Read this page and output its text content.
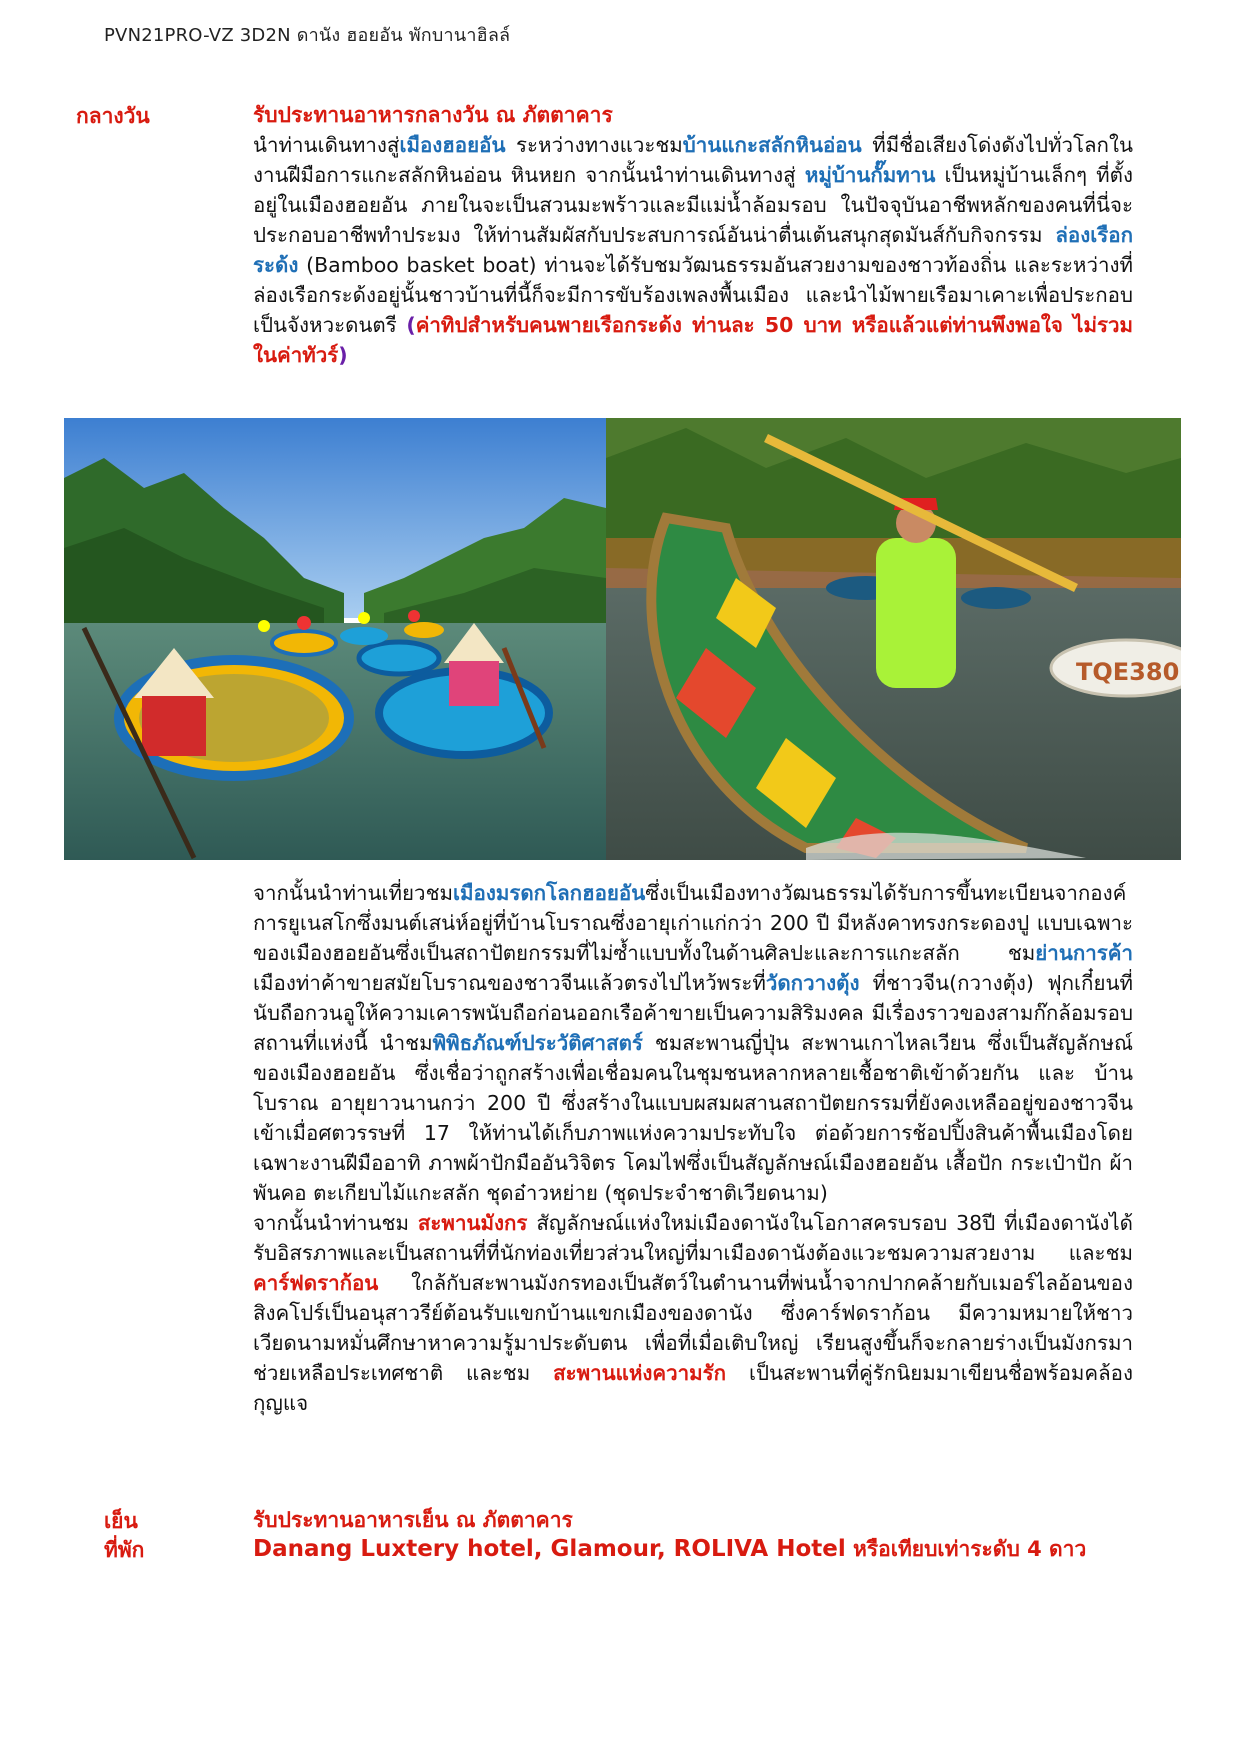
PVN21PRO-VZ 3D2N ดานัง ฮอยอัน พักบานาฮิลล์
กลางวัน	รับประทานอาหารกลางวัน ณ ภัตตาคาร
นำท่านเดินทางสู่เมืองฮอยอัน ระหว่างทางแวะชมบ้านแกะสลักหินอ่อน ที่มีชื่อเสียงโด่งดังไปทั่วโลกในงานฝีมือการแกะสลักหินอ่อน หินหยก จากนั้นนำท่านเดินทางสู่ หมู่บ้านกั๊มทาน เป็นหมู่บ้านเล็กๆ ที่ตั้งอยู่ในเมืองฮอยอัน ภายในจะเป็นสวนมะพร้าวและมีแม่น้ำล้อมรอบ ในปัจจุบันอาชีพหลักของคนที่นี่จะประกอบอาชีพทำประมง ให้ท่านสัมผัสกับประสบการณ์อันน่าตื่นเต้นสนุกสุดมันส์กับกิจกรรม ล่องเรือกระด้ง (Bamboo basket boat) ท่านจะได้รับชมวัฒนธรรมอันสวยงามของชาวท้องถิ่น และระหว่างที่ล่องเรือกระด้งอยู่นั้นชาวบ้านที่นี้ก็จะมีการขับร้องเพลงพื้นเมือง และนำไม้พายเรือมาเคาะเพื่อประกอบเป็นจังหวะดนตรี (ค่าทิปสำหรับคนพายเรือกระด้ง ท่านละ 50 บาท หรือแล้วแต่ท่านพึงพอใจ ไม่รวมในค่าทัวร์)
TQE380
จากนั้นนำท่านเที่ยวชมเมืองมรดกโลกฮอยอันซึ่งเป็นเมืองทางวัฒนธรรมได้รับการขึ้นทะเบียนจากองค์การยูเนสโกซึ่งมนต์เสน่ห์อยู่ที่บ้านโบราณซึ่งอายุเก่าแก่กว่า 200 ปี มีหลังคาทรงกระดองปู แบบเฉพาะของเมืองฮอยอันซึ่งเป็นสถาปัตยกรรมที่ไม่ซ้ำแบบทั้งในด้านศิลปะและการแกะสลัก ชมย่านการค้าเมืองท่าค้าขายสมัยโบราณของชาวจีนแล้วตรงไปไหว้พระที่วัดกวางตุ้ง ที่ชาวจีน(กวางตุ้ง) ฟุกเกี๋ยนที่นับถือกวนอูให้ความเคารพนับถือก่อนออกเรือค้าขายเป็นความสิริมงคล มีเรื่องราวของสามก๊กล้อมรอบสถานที่แห่งนี้ นำชมพิพิธภัณฑ์ประวัติศาสตร์ ชมสะพานญี่ปุ่น สะพานเกาไหลเวียน ซึ่งเป็นสัญลักษณ์ของเมืองฮอยอัน ซึ่งเชื่อว่าถูกสร้างเพื่อเชื่อมคนในชุมชนหลากหลายเชื้อชาติเข้าด้วยกัน และ บ้านโบราณ อายุยาวนานกว่า 200 ปี ซึ่งสร้างในแบบผสมผสานสถาปัตยกรรมที่ยังคงเหลืออยู่ของชาวจีนเข้าเมื่อศตวรรษที่ 17 ให้ท่านได้เก็บภาพแห่งความประทับใจ ต่อด้วยการช้อปปิ้งสินค้าพื้นเมืองโดยเฉพาะงานฝีมืออาทิ ภาพผ้าปักมืออันวิจิตร โคมไฟซึ่งเป็นสัญลักษณ์เมืองฮอยอัน เสื้อปัก กระเป๋าปัก ผ้าพันคอ ตะเกียบไม้แกะสลัก ชุดอ๋าวหย่าย (ชุดประจำชาติเวียดนาม)
จากนั้นนำท่านชม สะพานมังกร สัญลักษณ์แห่งใหม่เมืองดานังในโอกาสครบรอบ 38ปี ที่เมืองดานังได้รับอิสรภาพและเป็นสถานที่ที่นักท่องเที่ยวส่วนใหญ่ที่มาเมืองดานังต้องแวะชมความสวยงาม และชม คาร์ฟดราก้อน ใกล้กับสะพานมังกรทองเป็นสัตว์ในตำนานที่พ่นน้ำจากปากคล้ายกับเมอร์ไลอ้อนของสิงคโปร์เป็นอนุสาวรีย์ต้อนรับแขกบ้านแขกเมืองของดานัง ซึ่งคาร์ฟดราก้อน มีความหมายให้ชาวเวียดนามหมั่นศึกษาหาความรู้มาประดับตน เพื่อที่เมื่อเติบใหญ่ เรียนสูงขึ้นก็จะกลายร่างเป็นมังกรมาช่วยเหลือประเทศชาติ และชม สะพานแห่งความรัก เป็นสะพานที่คู่รักนิยมมาเขียนชื่อพร้อมคล้องกุญแจ
เย็น	รับประทานอาหารเย็น ณ ภัตตาคาร
ที่พัก	Danang Luxtery hotel, Glamour, ROLIVA Hotel หรือเทียบเท่าระดับ 4 ดาว
